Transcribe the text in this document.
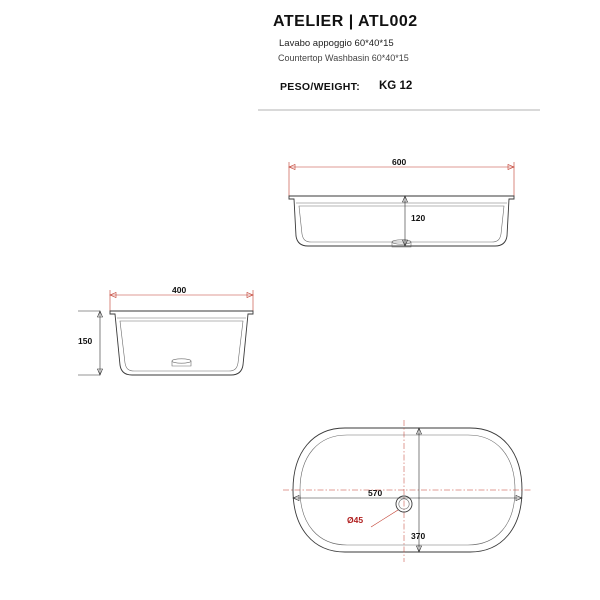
ATELIER | ATL002
Lavabo appoggio 60*40*15
Countertop Washbasin 60*40*15
PESO/WEIGHT: KG 12
600
120
400
150
570
Ø45
370
